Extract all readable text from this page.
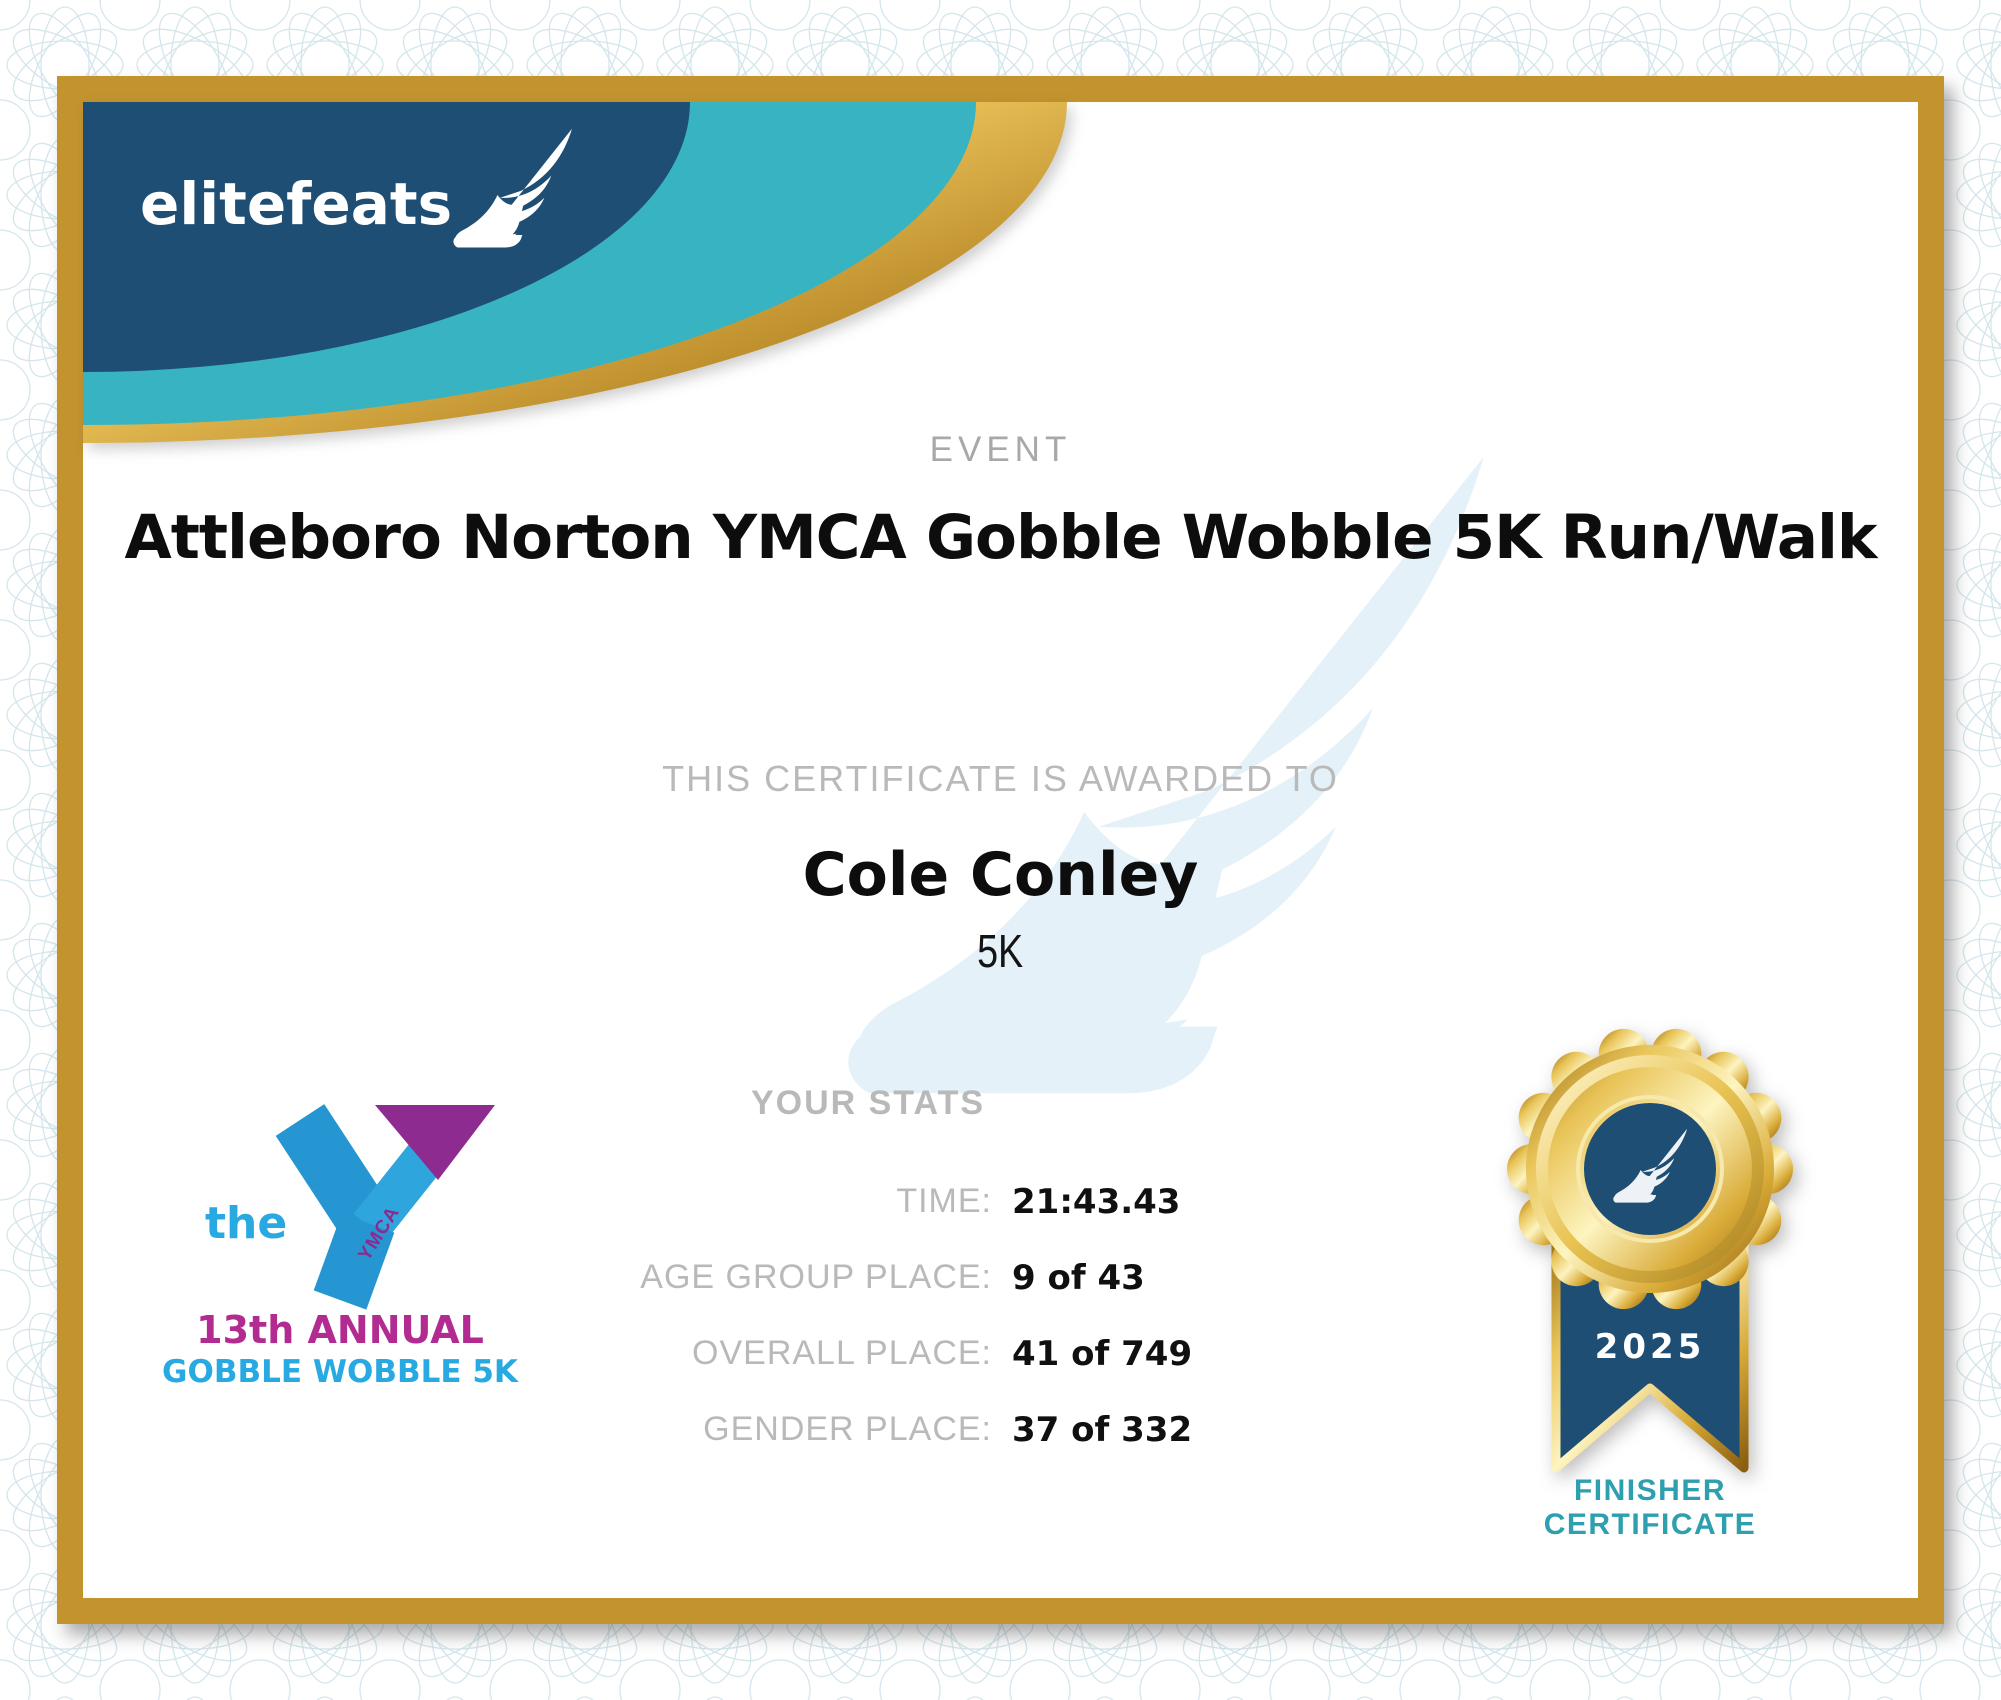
elitefeats
EVENT
Attleboro Norton YMCA Gobble Wobble 5K Run/Walk
THIS CERTIFICATE IS AWARDED TO
Cole Conley
5K
YOUR STATS
TIME: 21:43.43
AGE GROUP PLACE: 9 of 43
OVERALL PLACE: 41 of 749
GENDER PLACE: 37 of 332
the	YMCA
13th ANNUAL
GOBBLE WOBBLE 5K
2025
FINISHER
CERTIFICATE
